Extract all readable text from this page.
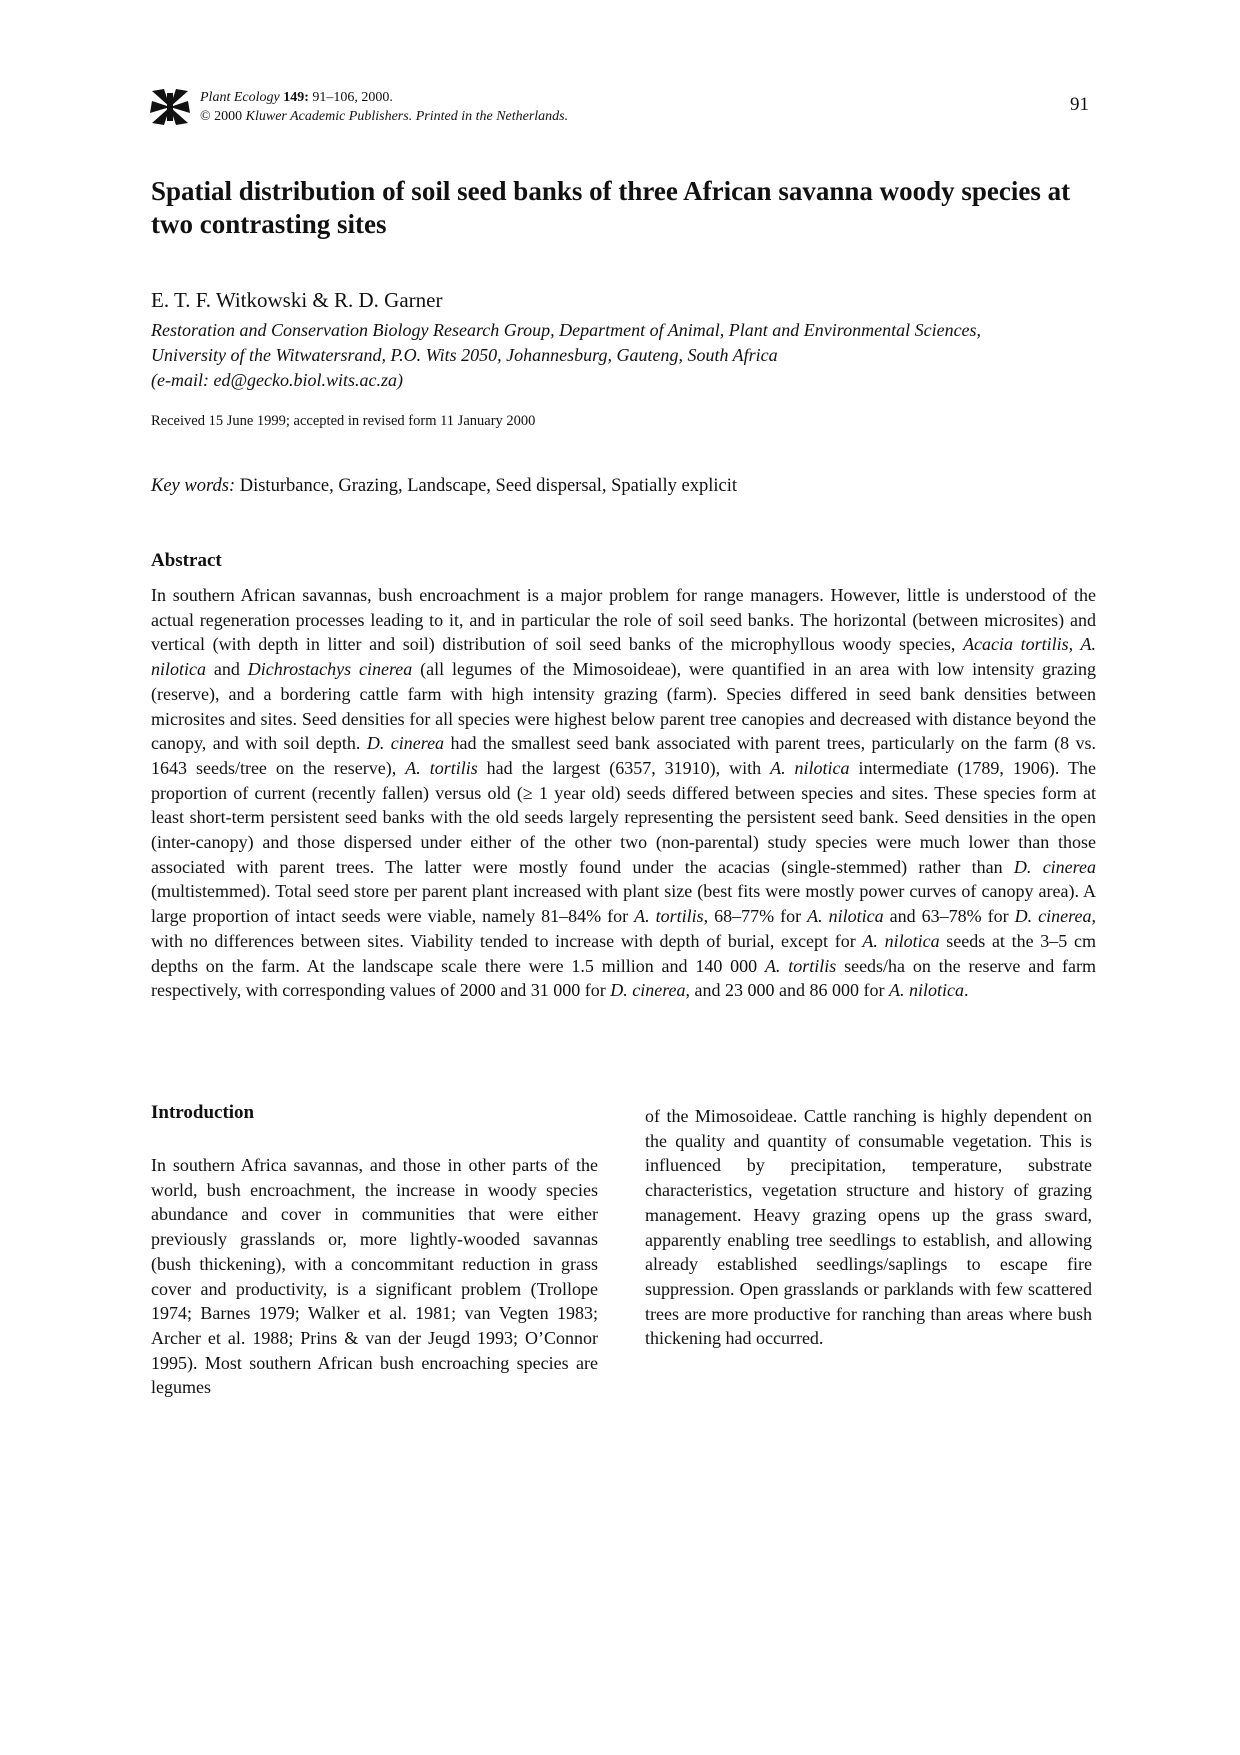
Plant Ecology 149: 91–106, 2000.
© 2000 Kluwer Academic Publishers. Printed in the Netherlands.
91
Spatial distribution of soil seed banks of three African savanna woody species at two contrasting sites
E. T. F. Witkowski & R. D. Garner
Restoration and Conservation Biology Research Group, Department of Animal, Plant and Environmental Sciences,
University of the Witwatersrand, P.O. Wits 2050, Johannesburg, Gauteng, South Africa
(e-mail: ed@gecko.biol.wits.ac.za)
Received 15 June 1999; accepted in revised form 11 January 2000
Key words: Disturbance, Grazing, Landscape, Seed dispersal, Spatially explicit
Abstract

In southern African savannas, bush encroachment is a major problem for range managers. However, little is understood of the actual regeneration processes leading to it, and in particular the role of soil seed banks. The horizontal (between microsites) and vertical (with depth in litter and soil) distribution of soil seed banks of the microphyllous woody species, Acacia tortilis, A. nilotica and Dichrostachys cinerea (all legumes of the Mimosoideae), were quantified in an area with low intensity grazing (reserve), and a bordering cattle farm with high intensity grazing (farm). Species differed in seed bank densities between microsites and sites. Seed densities for all species were highest below parent tree canopies and decreased with distance beyond the canopy, and with soil depth. D. cinerea had the smallest seed bank associated with parent trees, particularly on the farm (8 vs. 1643 seeds/tree on the reserve), A. tortilis had the largest (6357, 31910), with A. nilotica intermediate (1789, 1906). The proportion of current (recently fallen) versus old (≥ 1 year old) seeds differed between species and sites. These species form at least short-term persistent seed banks with the old seeds largely representing the persistent seed bank. Seed densities in the open (inter-canopy) and those dispersed under either of the other two (non-parental) study species were much lower than those associated with parent trees. The latter were mostly found under the acacias (single-stemmed) rather than D. cinerea (multistemmed). Total seed store per parent plant increased with plant size (best fits were mostly power curves of canopy area). A large proportion of intact seeds were viable, namely 81–84% for A. tortilis, 68–77% for A. nilotica and 63–78% for D. cinerea, with no differences between sites. Viability tended to increase with depth of burial, except for A. nilotica seeds at the 3–5 cm depths on the farm. At the landscape scale there were 1.5 million and 140 000 A. tortilis seeds/ha on the reserve and farm respectively, with corresponding values of 2000 and 31 000 for D. cinerea, and 23 000 and 86 000 for A. nilotica.

Introduction

In southern Africa savannas, and those in other parts of the world, bush encroachment, the increase in woody species abundance and cover in communities that were either previously grasslands or, more lightly-wooded savannas (bush thickening), with a concommitant reduction in grass cover and productivity, is a significant problem (Trollope 1974; Barnes 1979; Walker et al. 1981; van Vegten 1983; Archer et al. 1988; Prins & van der Jeugd 1993; O’Connor 1995). Most southern African bush encroaching species are legumes

of the Mimosoideae. Cattle ranching is highly dependent on the quality and quantity of consumable vegetation. This is influenced by precipitation, temperature, substrate characteristics, vegetation structure and history of grazing management. Heavy grazing opens up the grass sward, apparently enabling tree seedlings to establish, and allowing already established seedlings/saplings to escape fire suppression. Open grasslands or parklands with few scattered trees are more productive for ranching than areas where bush thickening had occurred.
